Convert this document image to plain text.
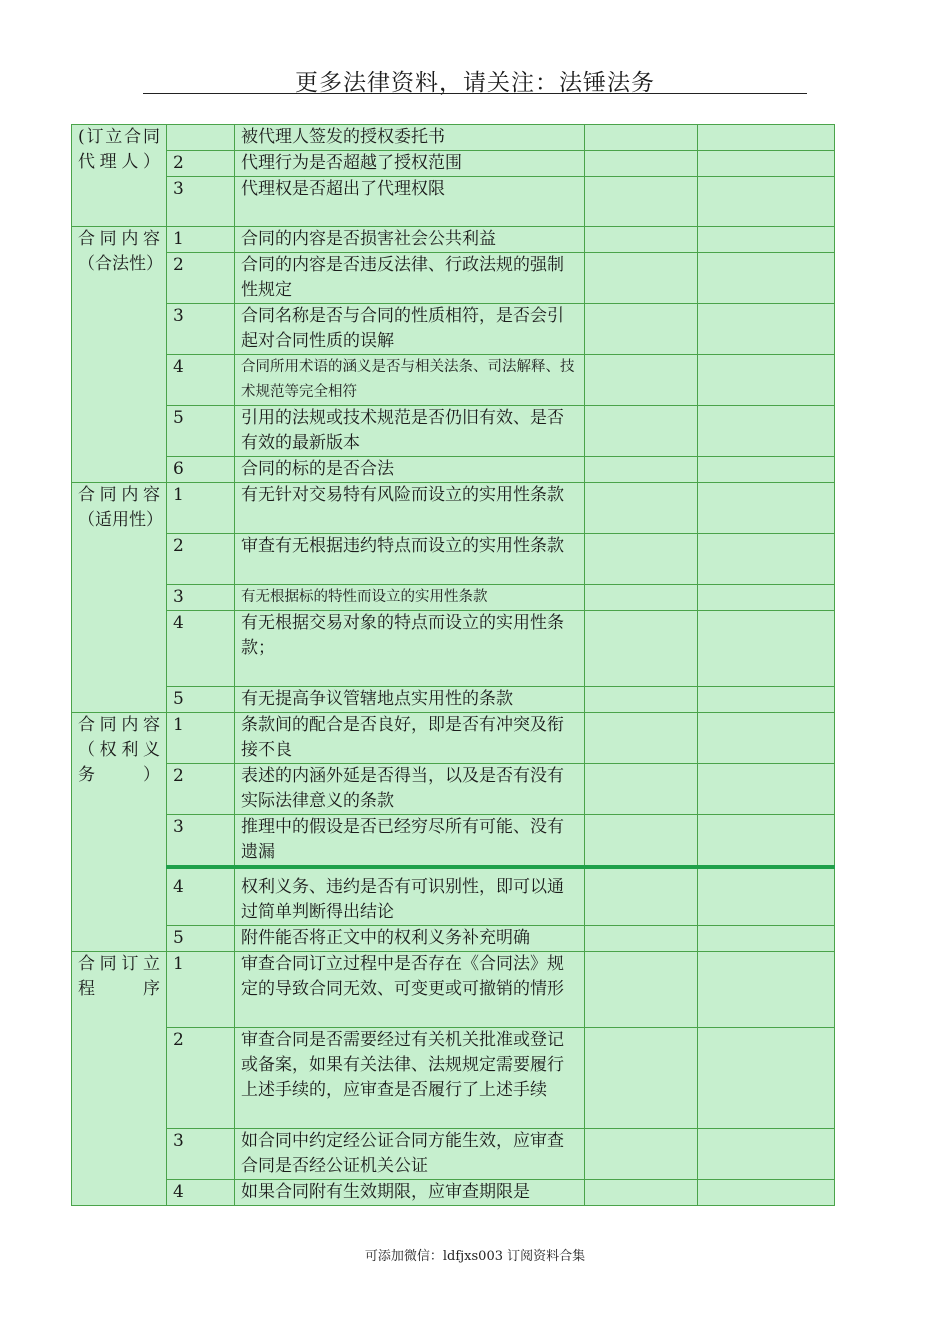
更多法律资料，请关注：法锤法务
(订立合同代理人）		被代理人签发的授权委托书		
	2	代理行为是否超越了授权范围		
	3	代理权是否超出了代理权限		
合同内容（合法性）	1	合同的内容是否损害社会公共利益		
	2	合同的内容是否违反法律、行政法规的强制性规定		
	3	合同名称是否与合同的性质相符，是否会引起对合同性质的误解		
	4	合同所用术语的涵义是否与相关法条、司法解释、技术规范等完全相符		
	5	引用的法规或技术规范是否仍旧有效、是否有效的最新版本		
	6	合同的标的是否合法		
合同内容（适用性）	1	有无针对交易特有风险而设立的实用性条款		
	2	审查有无根据违约特点而设立的实用性条款		
	3	有无根据标的特性而设立的实用性条款		
	4	有无根据交易对象的特点而设立的实用性条款；		
	5	有无提高争议管辖地点实用性的条款		
合同内容（权利义务）	1	条款间的配合是否良好，即是否有冲突及衔接不良		
	2	表述的内涵外延是否得当，以及是否有没有实际法律意义的条款		
	3	推理中的假设是否已经穷尽所有可能、没有遗漏		
	4	权利义务、违约是否有可识别性，即可以通过简单判断得出结论		
	5	附件能否将正文中的权利义务补充明确		
合同订立程序	1	审查合同订立过程中是否存在《合同法》规定的导致合同无效、可变更或可撤销的情形		
	2	审查合同是否需要经过有关机关批准或登记或备案，如果有关法律、法规规定需要履行上述手续的，应审查是否履行了上述手续		
	3	如合同中约定经公证合同方能生效，应审查合同是否经公证机关公证		
	4	如果合同附有生效期限，应审查期限是		
可添加微信：ldfjxs003 订阅资料合集
